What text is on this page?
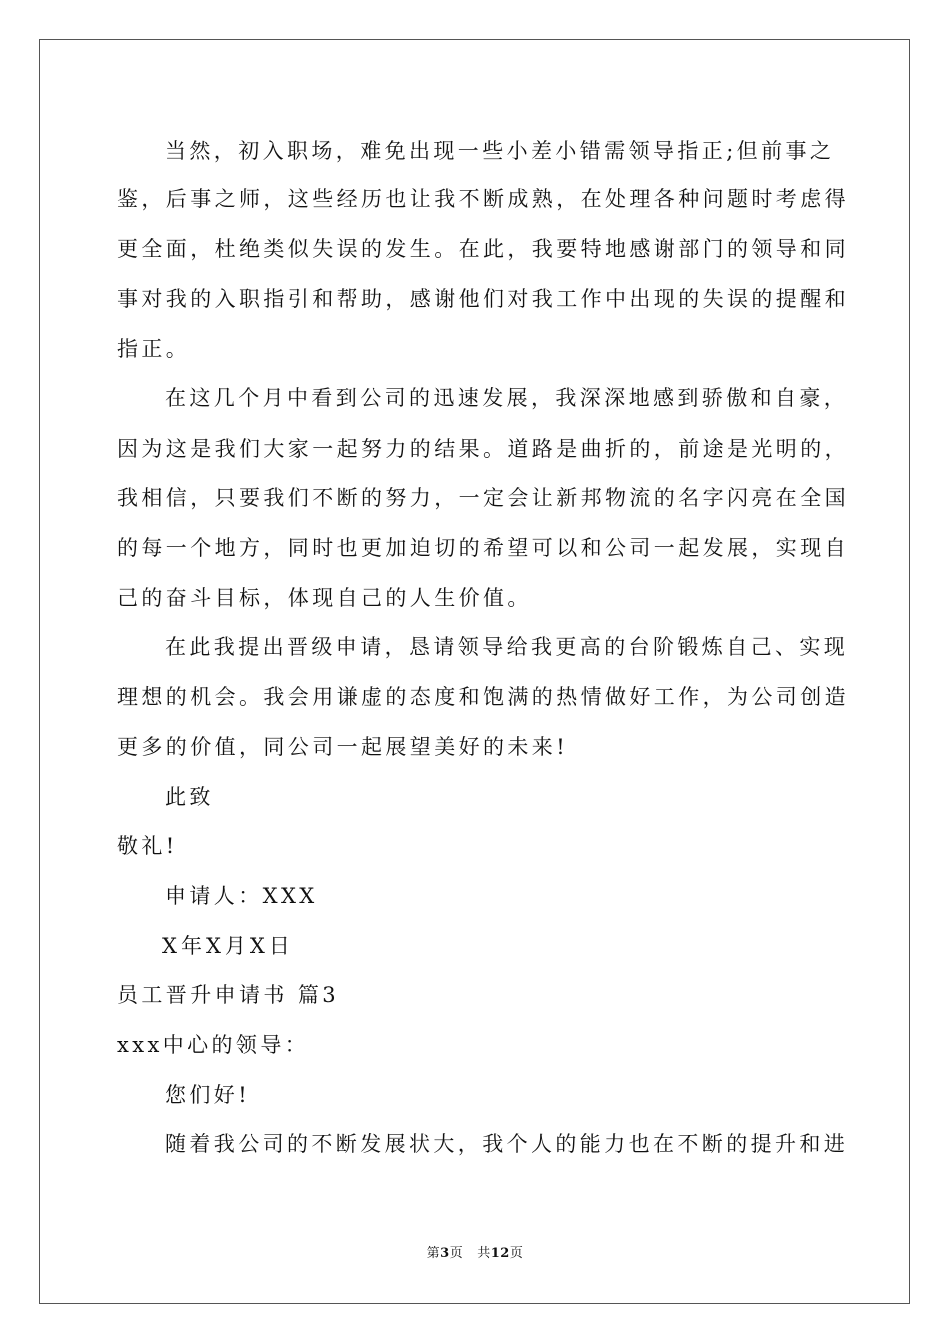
当然，初入职场，难免出现一些小差小错需领导指正;但前事之
鉴，后事之师，这些经历也让我不断成熟，在处理各种问题时考虑得
更全面，杜绝类似失误的发生。在此，我要特地感谢部门的领导和同
事对我的入职指引和帮助，感谢他们对我工作中出现的失误的提醒和
指正。
在这几个月中看到公司的迅速发展，我深深地感到骄傲和自豪，
因为这是我们大家一起努力的结果。道路是曲折的，前途是光明的，
我相信，只要我们不断的努力，一定会让新邦物流的名字闪亮在全国
的每一个地方，同时也更加迫切的希望可以和公司一起发展，实现自
己的奋斗目标，体现自己的人生价值。
在此我提出晋级申请，恳请领导给我更高的台阶锻炼自己、实现
理想的机会。我会用谦虚的态度和饱满的热情做好工作，为公司创造
更多的价值，同公司一起展望美好的未来!
此致
敬礼!
申请人：XXX
X年X月X日
员工晋升申请书 篇3
xxx中心的领导：
您们好!
随着我公司的不断发展状大，我个人的能力也在不断的提升和进
第3页 共12页
